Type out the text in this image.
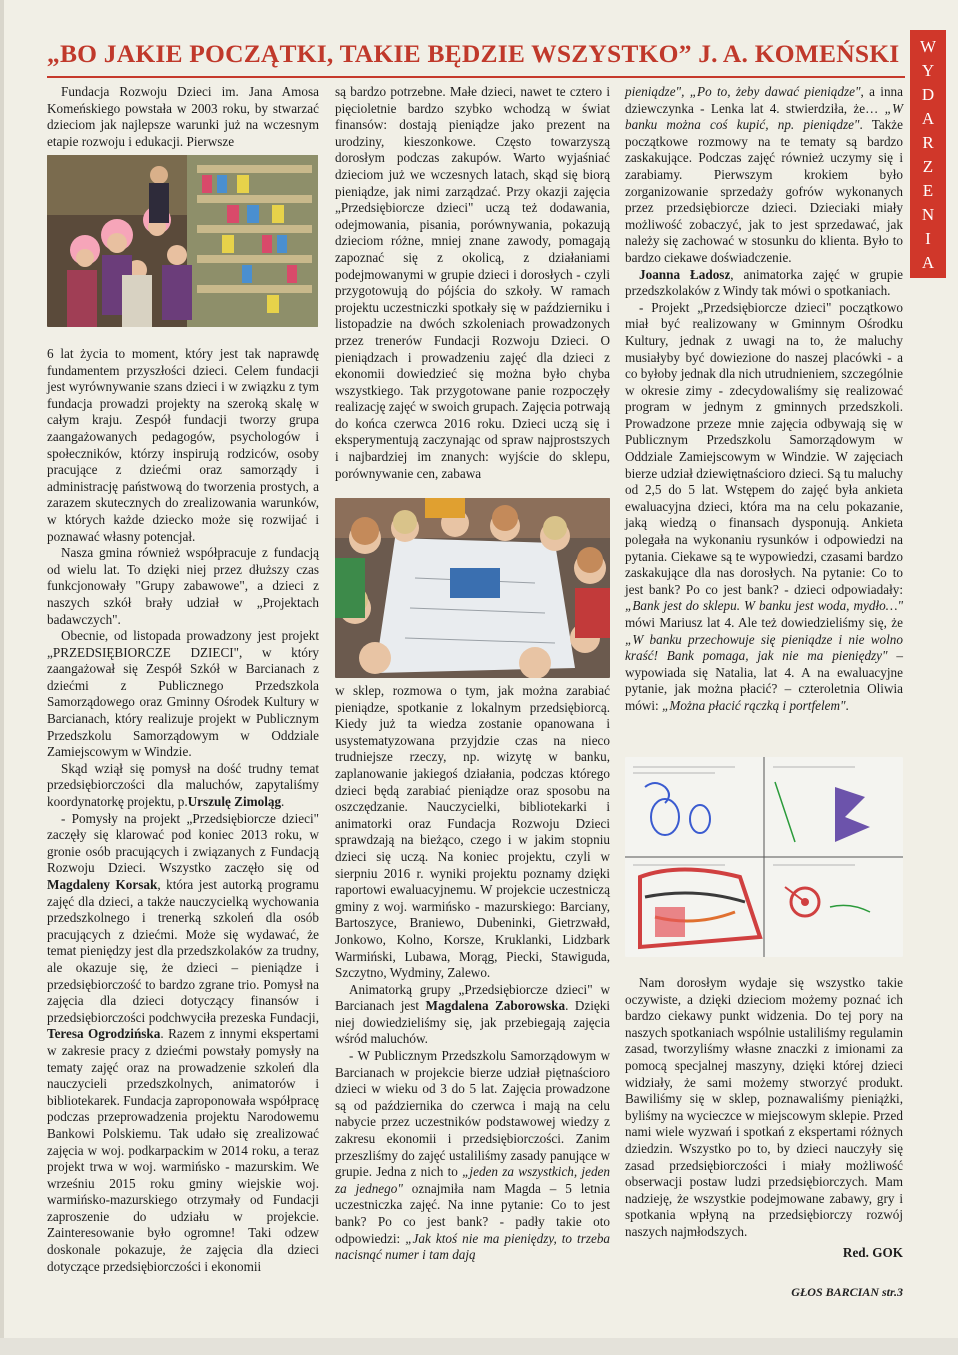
„BO JAKIE POCZĄTKI, TAKIE BĘDZIE WSZYSTKO” J. A. KOMEŃSKI	W
Y
D
A
R
Z
E
N
I
A

Fundacja Rozwoju Dzieci im. Jana Amosa Komeńskiego powstała w 2003 roku, by stwarzać dzieciom jak najlepsze warunki już na wczesnym etapie rozwoju i edukacji. Pierwsze

6 lat życia to moment, który jest tak naprawdę fundamentem przyszłości dzieci. Celem fundacji jest wyrównywanie szans dzieci i w związku z tym fundacja prowadzi projekty na szeroką skalę w całym kraju. Zespół fundacji tworzy grupa zaangażowanych pedagogów, psychologów i społeczników, którzy inspirują rodziców, osoby pracujące z dziećmi oraz samorządy i administrację państwową do tworzenia prostych, a zarazem skutecznych do zrealizowania warunków, w których każde dziecko może się rozwijać i poznawać własny potencjał.

Nasza gmina również współpracuje z fundacją od wielu lat. To dzięki niej przez dłuższy czas funkcjonowały "Grupy zabawowe", a dzieci z naszych szkół brały udział w „Projektach badawczych".

Obecnie, od listopada prowadzony jest projekt „PRZEDSIĘBIORCZE DZIECI", w który zaangażował się Zespół Szkół w Barcianach z dziećmi z Publicznego Przedszkola Samorządowego oraz Gminny Ośrodek Kultury w Barcianach, który realizuje projekt w Publicznym Przedszkolu Samorządowym w Oddziale Zamiejscowym w Windzie.

Skąd wziął się pomysł na dość trudny temat przedsiębiorczości dla maluchów, zapytaliśmy koordynatorkę projektu, p.Urszulę Zimoląg.

- Pomysły na projekt „Przedsiębiorcze dzieci" zaczęły się klarować pod koniec 2013 roku, w gronie osób pracujących i związanych z Fundacją Rozwoju Dzieci. Wszystko zaczęło się od Magdaleny Korsak, która jest autorką programu zajęć dla dzieci, a także nauczycielką wychowania przedszkolnego i trenerką szkoleń dla osób pracujących z dziećmi. Może się wydawać, że temat pieniędzy jest dla przedszkolaków za trudny, ale okazuje się, że dzieci – pieniądze i przedsiębiorczość to bardzo zgrane trio. Pomysł na zajęcia dla dzieci dotyczący finansów i przedsiębiorczości podchwyciła prezeska Fundacji, Teresa Ogrodzińska. Razem z innymi ekspertami w zakresie pracy z dziećmi powstały pomysły na tematy zajęć oraz na prowadzenie szkoleń dla nauczycieli przedszkolnych, animatorów i bibliotekarek. Fundacja zaproponowała współpracę podczas przeprowadzenia projektu Narodowemu Bankowi Polskiemu. Tak udało się zrealizować zajęcia w woj. podkarpackim w 2014 roku, a teraz projekt trwa w woj. warmińsko - mazurskim. We wrześniu 2015 roku gminy wiejskie woj. warmińsko-mazurskiego otrzymały od Fundacji zaproszenie do udziału w projekcie. Zainteresowanie było ogromne! Taki odzew doskonale pokazuje, że zajęcia dla dzieci dotyczące przedsiębiorczości i ekonomii

są bardzo potrzebne. Małe dzieci, nawet te cztero i pięcioletnie bardzo szybko wchodzą w świat finansów: dostają pieniądze jako prezent na urodziny, kieszonkowe. Często towarzyszą dorosłym podczas zakupów. Warto wyjaśniać dzieciom już we wczesnych latach, skąd się biorą pieniądze, jak nimi zarządzać. Przy okazji zajęcia „Przedsiębiorcze dzieci" uczą też dodawania, odejmowania, pisania, porównywania, pokazują dzieciom różne, mniej znane zawody, pomagają zapoznać się z okolicą, z działaniami podejmowanymi w grupie dzieci i dorosłych - czyli przygotowują do pójścia do szkoły. W ramach projektu uczestniczki spotkały się w październiku i listopadzie na dwóch szkoleniach prowadzonych przez trenerów Fundacji Rozwoju Dzieci. O pieniądzach i prowadzeniu zajęć dla dzieci z ekonomii dowiedzieć się można było chyba wszystkiego. Tak przygotowane panie rozpoczęły realizację zajęć w swoich grupach. Zajęcia potrwają do końca czerwca 2016 roku. Dzieci uczą się i eksperymentują zaczynając od spraw najprostszych i najbardziej im znanych: wyjście do sklepu, porównywanie cen, zabawa

w sklep, rozmowa o tym, jak można zarabiać pieniądze, spotkanie z lokalnym przedsiębiorcą. Kiedy już ta wiedza zostanie opanowana i usystematyzowana przyjdzie czas na nieco trudniejsze rzeczy, np. wizytę w banku, zaplanowanie jakiegoś działania, podczas którego dzieci będą zarabiać pieniądze oraz sposobu na oszczędzanie. Nauczycielki, bibliotekarki i animatorki oraz Fundacja Rozwoju Dzieci sprawdzają na bieżąco, czego i w jakim stopniu dzieci się uczą. Na koniec projektu, czyli w sierpniu 2016 r. wyniki projektu poznamy dzięki raportowi ewaluacyjnemu. W projekcie uczestniczą gminy z woj. warmińsko - mazurskiego: Barciany, Bartoszyce, Braniewo, Dubeninki, Gietrzwałd, Jonkowo, Kolno, Korsze, Kruklanki, Lidzbark Warmiński, Lubawa, Morąg, Piecki, Stawiguda, Szczytno, Wydminy, Zalewo.

Animatorką grupy „Przedsiębiorcze dzieci" w Barcianach jest Magdalena Zaborowska. Dzięki niej dowiedzieliśmy się, jak przebiegają zajęcia wśród maluchów.

- W Publicznym Przedszkolu Samorządowym w Barcianach w projekcie bierze udział piętnaścioro dzieci w wieku od 3 do 5 lat. Zajęcia prowadzone są od października do czerwca i mają na celu nabycie przez uczestników podstawowej wiedzy z zakresu ekonomii i przedsiębiorczości. Zanim przeszliśmy do zajęć ustaliliśmy zasady panujące w grupie. Jedna z nich to „jeden za wszystkich, jeden za jednego" oznajmiła nam Magda – 5 letnia uczestniczka zajęć. Na inne pytanie: Co to jest bank? Po co jest bank? - padły takie oto odpowiedzi: „Jak ktoś nie ma pieniędzy, to trzeba nacisnąć numer i tam dają

pieniądze", „Po to, żeby dawać pieniądze", a inna dziewczynka - Lenka lat 4. stwierdziła, że… „W banku można coś kupić, np. pieniądze". Także początkowe rozmowy na te tematy są bardzo zaskakujące. Podczas zajęć również uczymy się i zarabiamy. Pierwszym krokiem było zorganizowanie sprzedaży gofrów wykonanych przez przedsiębiorcze dzieci. Dzieciaki miały możliwość zobaczyć, jak to jest sprzedawać, jak należy się zachować w stosunku do klienta. Było to bardzo ciekawe doświadczenie.

Joanna Ładosz, animatorka zajęć w grupie przedszkolaków z Windy tak mówi o spotkaniach.

- Projekt „Przedsiębiorcze dzieci" początkowo miał być realizowany w Gminnym Ośrodku Kultury, jednak z uwagi na to, że maluchy musiałyby być dowiezione do naszej placówki - a co byłoby jednak dla nich utrudnieniem, szczególnie w okresie zimy - zdecydowaliśmy się realizować program w jednym z gminnych przedszkoli. Prowadzone przeze mnie zajęcia odbywają się w Publicznym Przedszkolu Samorządowym w Oddziale Zamiejscowym w Windzie. W zajęciach bierze udział dziewiętnaścioro dzieci. Są tu maluchy od 2,5 do 5 lat. Wstępem do zajęć była ankieta ewaluacyjna dzieci, która ma na celu pokazanie, jaką wiedzą o finansach dysponują. Ankieta polegała na wykonaniu rysunków i odpowiedzi na pytania. Ciekawe są te wypowiedzi, czasami bardzo zaskakujące dla nas dorosłych. Na pytanie: Co to jest bank? Po co jest bank? - dzieci odpowiadały: „Bank jest do sklepu. W banku jest woda, mydło…" mówi Mariusz lat 4. Ale też dowiedzieliśmy się, że „W banku przechowuje się pieniądze i nie wolno kraść! Bank pomaga, jak nie ma pieniędzy" – wypowiada się Natalia, lat 4. A na ewaluacyjne pytanie, jak można płacić? – czteroletnia Oliwia mówi: „Można płacić rączką i portfelem".

Nam dorosłym wydaje się wszystko takie oczywiste, a dzięki dzieciom możemy poznać ich bardzo ciekawy punkt widzenia. Do tej pory na naszych spotkaniach wspólnie ustaliliśmy regulamin zasad, tworzyliśmy własne znaczki z imionami za pomocą specjalnej maszyny, dzięki której dzieci widziały, że sami możemy stworzyć produkt. Bawiliśmy się w sklep, poznawaliśmy pieniążki, byliśmy na wycieczce w miejscowym sklepie. Przed nami wiele wyzwań i spotkań z ekspertami różnych dziedzin. Wszystko po to, by dzieci nauczyły się zasad przedsiębiorczości i miały możliwość obserwacji postaw ludzi przedsiębiorczych. Mam nadzieję, że wszystkie podejmowane zabawy, gry i spotkania wpłyną na przedsiębiorczy rozwój naszych najmłodszych.

Red. GOK
GŁOS BARCIAN str.3
